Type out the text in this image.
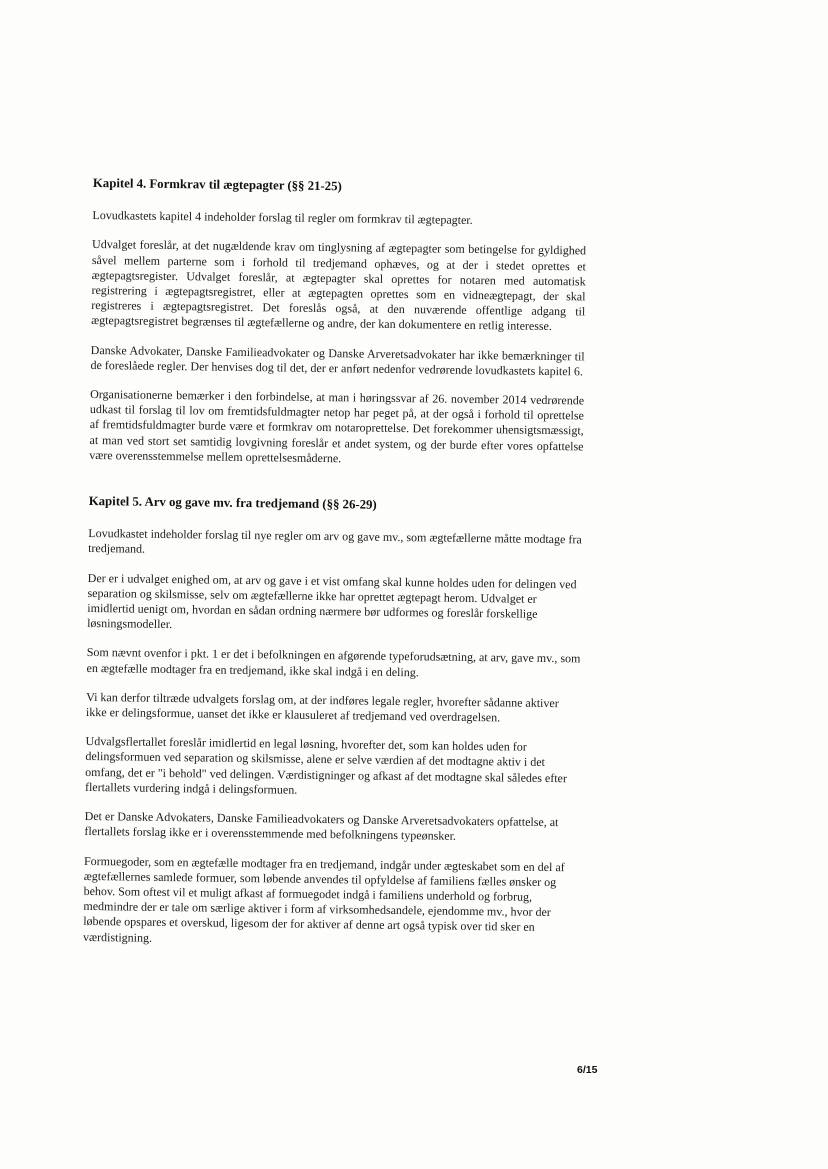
Kapitel 4. Formkrav til ægtepagter (§§ 21-25)

Lovudkastets kapitel 4 indeholder forslag til regler om formkrav til ægtepagter.

Udvalget foreslår, at det nugældende krav om tinglysning af ægtepagter som betingelse for gyldighed såvel mellem parterne som i forhold til tredjemand ophæves, og at der i stedet oprettes et ægtepagtsregister. Udvalget foreslår, at ægtepagter skal oprettes for notaren med automatisk registrering i ægtepagtsregistret, eller at ægtepagten oprettes som en vidneægtepagt, der skal registreres i ægtepagtsregistret. Det foreslås også, at den nuværende offentlige adgang til ægtepagtsregistret begrænses til ægtefællerne og andre, der kan dokumentere en retlig interesse.

Danske Advokater, Danske Familieadvokater og Danske Arveretsadvokater har ikke bemærkninger til de foreslåede regler. Der henvises dog til det, der er anført nedenfor vedrørende lovudkastets kapitel 6.

Organisationerne bemærker i den forbindelse, at man i høringssvar af 26. november 2014 vedrørende udkast til forslag til lov om fremtidsfuldmagter netop har peget på, at der også i forhold til oprettelse af fremtidsfuldmagter burde være et formkrav om notaroprettelse. Det forekommer uhensigtsmæssigt, at man ved stort set samtidig lovgivning foreslår et andet system, og der burde efter vores opfattelse være overensstemmelse mellem oprettelsesmåderne.

Kapitel 5. Arv og gave mv. fra tredjemand (§§ 26-29)

Lovudkastet indeholder forslag til nye regler om arv og gave mv., som ægtefællerne måtte modtage fra tredjemand.

Der er i udvalget enighed om, at arv og gave i et vist omfang skal kunne holdes uden for delingen ved separation og skilsmisse, selv om ægtefællerne ikke har oprettet ægtepagt herom. Udvalget er imidlertid uenigt om, hvordan en sådan ordning nærmere bør udformes og foreslår forskellige løsningsmodeller.

Som nævnt ovenfor i pkt. 1 er det i befolkningen en afgørende typeforudsætning, at arv, gave mv., som en ægtefælle modtager fra en tredjemand, ikke skal indgå i en deling.

Vi kan derfor tiltræde udvalgets forslag om, at der indføres legale regler, hvorefter sådanne aktiver ikke er delingsformue, uanset det ikke er klausuleret af tredjemand ved overdragelsen.

Udvalgsflertallet foreslår imidlertid en legal løsning, hvorefter det, som kan holdes uden for delingsformuen ved separation og skilsmisse, alene er selve værdien af det modtagne aktiv i det omfang, det er "i behold" ved delingen. Værdistigninger og afkast af det modtagne skal således efter flertallets vurdering indgå i delingsformuen.

Det er Danske Advokaters, Danske Familieadvokaters og Danske Arveretsadvokaters opfattelse, at flertallets forslag ikke er i overensstemmende med befolkningens typeønsker.

Formuegoder, som en ægtefælle modtager fra en tredjemand, indgår under ægteskabet som en del af ægtefællernes samlede formuer, som løbende anvendes til opfyldelse af familiens fælles ønsker og behov. Som oftest vil et muligt afkast af formuegodet indgå i familiens underhold og forbrug, medmindre der er tale om særlige aktiver i form af virksomhedsandele, ejendomme mv., hvor der løbende opspares et overskud, ligesom der for aktiver af denne art også typisk over tid sker en værdistigning.

6/15
